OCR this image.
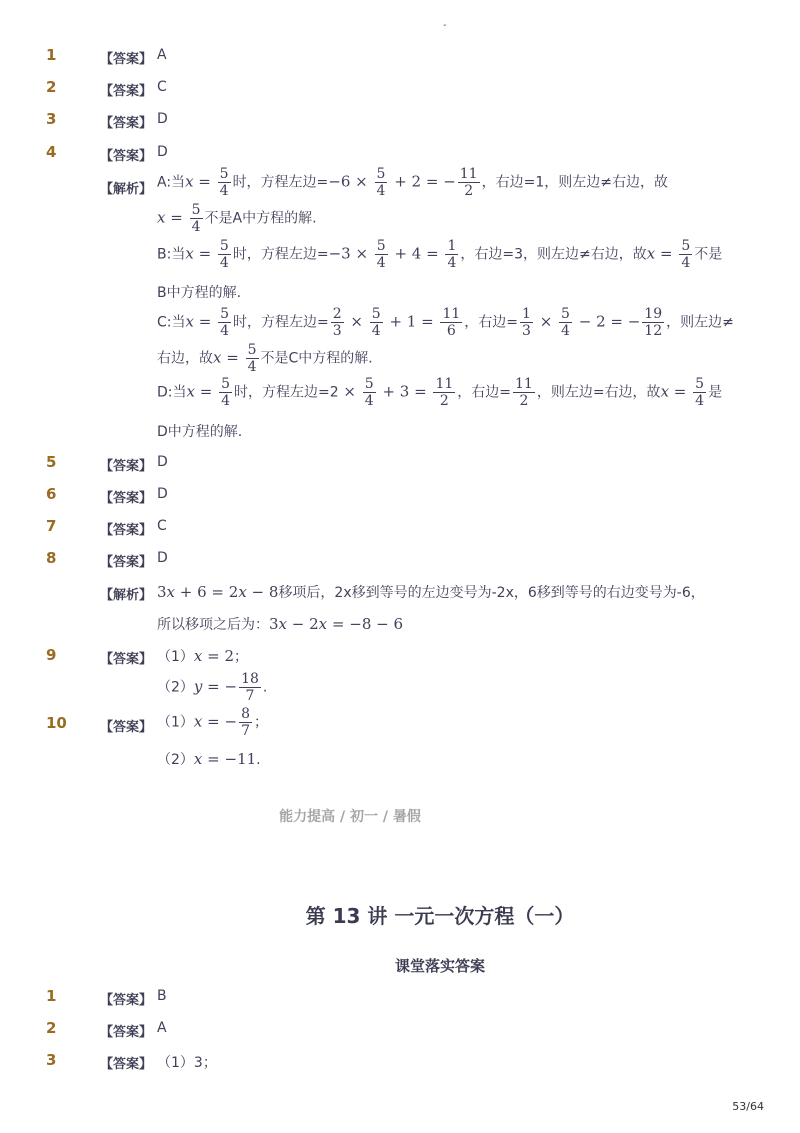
-
1	【答案】 A
2	【答案】 C
3	【答案】 D
4	【答案】 D
【解析】 A:当$x = \frac{5}{4}$ 时，方程左边$=-6 \times \frac{5}{4} + 2$ = − $\frac{11}{2}$ ，右边=1，则左边≠右边，故
$x = \frac{5}{4}$ 不是A中方程的解.
B:当$x = \frac{5}{4}$ 时，方程左边$=-3 \times \frac{5}{4} + 4 = \frac{1}{4}$ ，右边=3，则左边≠右边，故$x = \frac{5}{4}$ 不是
B中方程的解.
C:当$x = \frac{5}{4}$ 时，方程左边= $\frac{2}{3} \times \frac{5}{4} + 1 = \frac{11}{6}$ ，右边= $\frac{1}{3} \times \frac{5}{4} - 2$ = − $\frac{19}{12}$ ，则左边≠
右边，故$x = \frac{5}{4}$ 不是C中方程的解.
D:当$x = \frac{5}{4}$ 时，方程左边$=2 \times \frac{5}{4} + 3 = \frac{11}{2}$ ，右边= $\frac{11}{2}$ ，则左边=右边，故$x = \frac{5}{4}$ 是
D中方程的解.
5	【答案】 D
6	【答案】 D
7	【答案】 C
8	【答案】 D
【解析】 3x + 6 = 2x − 8移项后，2x移到等号的左边变号为-2x，6移到等号的右边变号为-6，
所以移项之后为：3x − 2x = −8 − 6
9	【答案】 （1）x = 2；
（2）y = − $\frac{18}{7}$ .
10	【答案】 （1）x = − $\frac{8}{7}$ ；
（2）x = −11.
能力提高 / 初一 / 暑假
第 13 讲 一元一次方程（一）
课堂落实答案
1	【答案】 B
2	【答案】 A
3	【答案】 （1）3；
53/64
